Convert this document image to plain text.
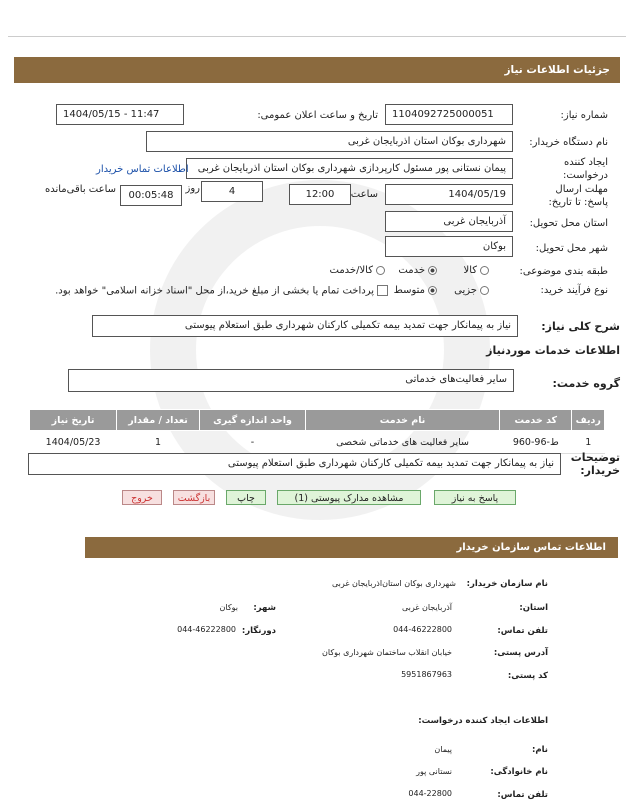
جزئیات اطلاعات نیاز
شماره نیاز:
1104092725000051
تاریخ و ساعت اعلان عمومی:
1404/05/15 - 11:47
نام دستگاه خریدار:
شهرداری بوکان استان اذربایجان غربی
ایجاد کننده درخواست:
پیمان نستانی پور مسئول کارپردازی شهرداری بوکان استان اذربایجان غربی
اطلاعات تماس خریدار
مهلت ارسال پاسخ: تا تاریخ:
1404/05/19
ساعت
12:00
4
روز
00:05:48
ساعت باقی‌مانده
استان محل تحویل:
آذربایجان غربی
شهر محل تحویل:
بوکان
طبقه بندی موضوعی:
کالا
خدمت
کالا/خدمت
نوع فرآیند خرید:
جزیی
متوسط
پرداخت تمام یا بخشی از مبلغ خرید،از محل "اسناد خزانه اسلامی" خواهد بود.
شرح کلی نیاز:
نیاز به پیمانکار جهت تمدید بیمه تکمیلی کارکنان شهرداری طبق استعلام پیوستی
اطلاعات خدمات موردنیاز
گروه خدمت:
سایر فعالیت‌های خدماتی
ردیف	کد خدمت	نام خدمت	واحد اندازه گیری	تعداد / مقدار	تاریخ نیاز
1	ط-96-960	سایر فعالیت های خدماتی شخصی	-	1	1404/05/23
توضیحات خریدار:
نیاز به پیمانکار جهت تمدید بیمه تکمیلی کارکنان شهرداری طبق استعلام پیوستی
پاسخ به نیاز
مشاهده مدارک پیوستی (1)
چاپ
بازگشت
خروج
اطلاعات تماس سازمان خریدار
نام سازمان خریدار:
شهرداری بوکان استان‌اذربایجان غربی
استان:
آذربایجان غربی
شهر:
بوکان
تلفن تماس:
044-46222800
دورنگار:
044-46222800
آدرس پستی:
خیابان انقلاب ساختمان شهرداری بوکان
کد پستی:
5951867963
اطلاعات ایجاد کننده درخواست:
نام:
پیمان
نام خانوادگی:
نستانی پور
تلفن تماس:
044-22800
